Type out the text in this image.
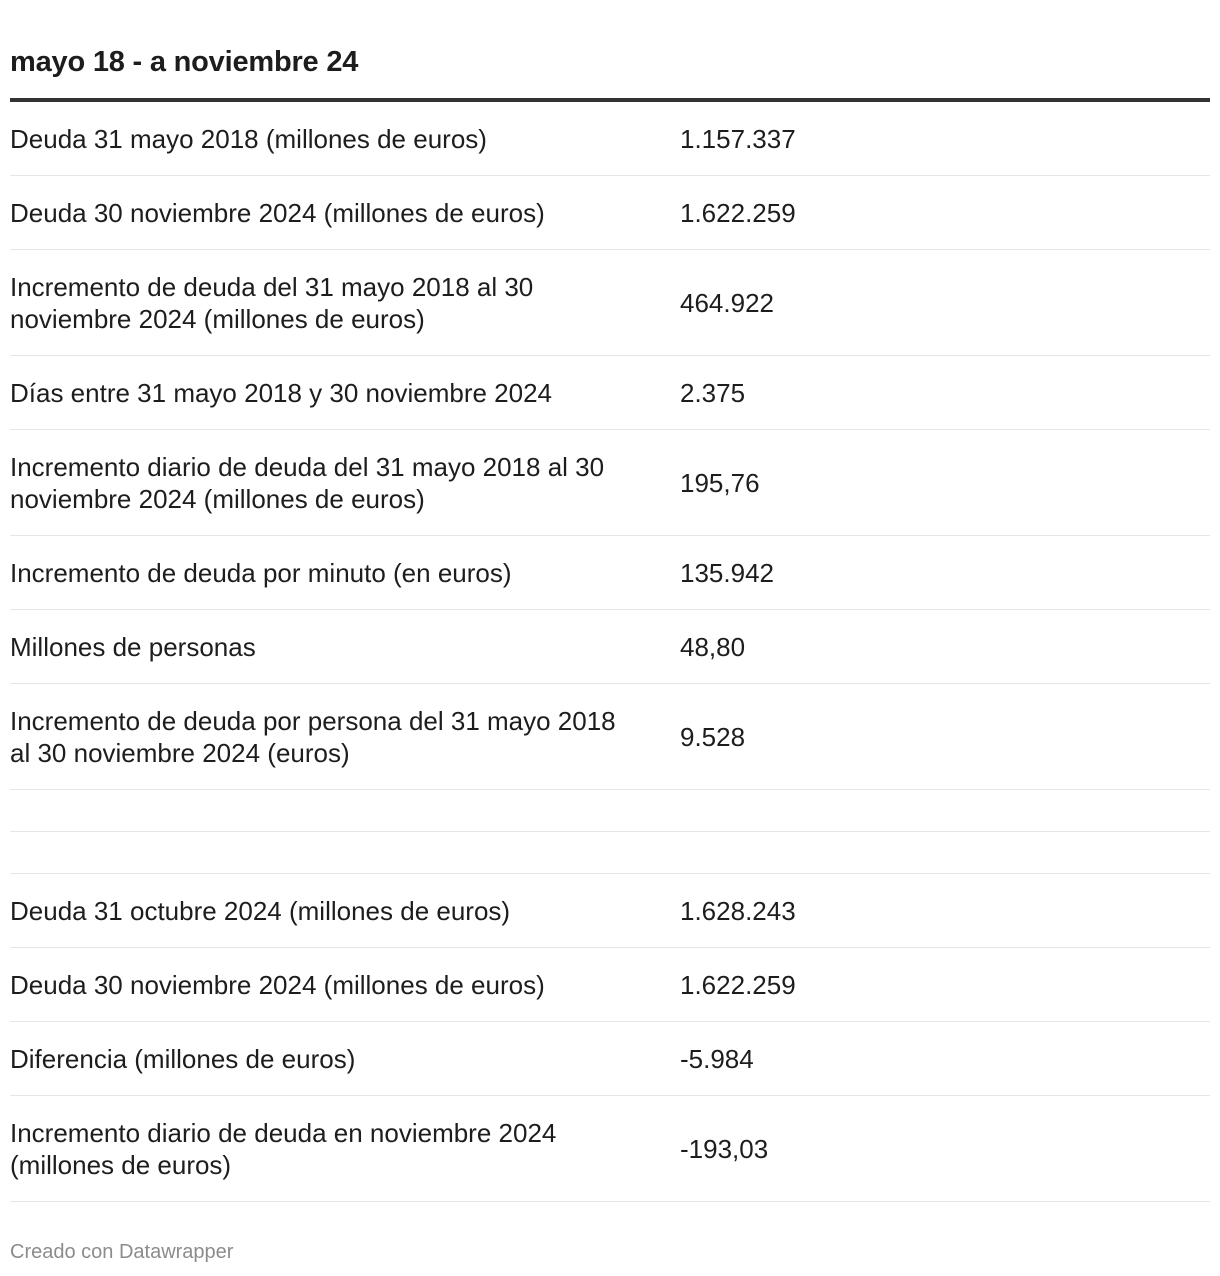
mayo 18 - a noviembre 24
Deuda 31 mayo 2018 (millones de euros)	1.157.337
Deuda 30 noviembre 2024 (millones de euros)	1.622.259
Incremento de deuda del 31 mayo 2018 al 30 noviembre 2024 (millones de euros)	464.922
Días entre 31 mayo 2018 y 30 noviembre 2024	2.375
Incremento diario de deuda del 31 mayo 2018 al 30 noviembre 2024 (millones de euros)	195,76
Incremento de deuda por minuto (en euros)	135.942
Millones de personas	48,80
Incremento de deuda por persona del 31 mayo 2018 al 30 noviembre 2024 (euros)	9.528

Deuda 31 octubre 2024 (millones de euros)	1.628.243
Deuda 30 noviembre 2024 (millones de euros)	1.622.259
Diferencia (millones de euros)	-5.984
Incremento diario de deuda en noviembre 2024 (millones de euros)	-193,03
Creado con Datawrapper
